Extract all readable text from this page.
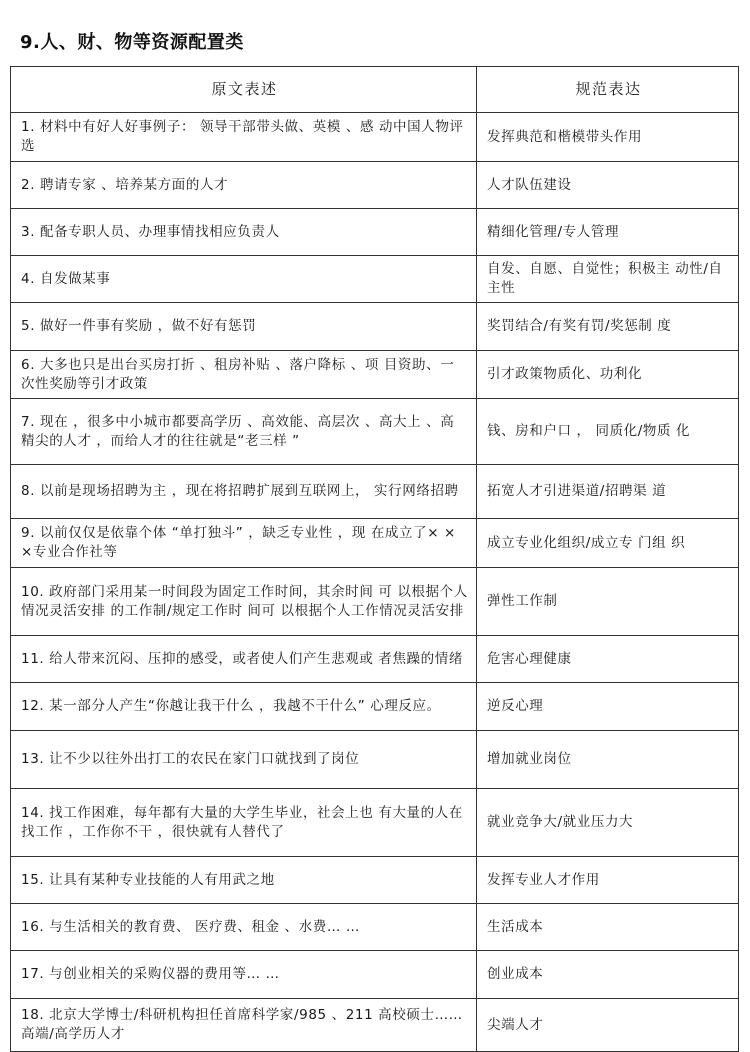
9.人、财、物等资源配置类
原文表述	规范表达
1. 材料中有好人好事例子： 领导干部带头做、英模 、感 动中国人物评选	发挥典范和楷模带头作用
2. 聘请专家 、培养某方面的人才	人才队伍建设
3. 配备专职人员、办理事情找相应负责人	精细化管理/专人管理
4. 自发做某事	自发、自愿、自觉性；积极主 动性/自主性
5. 做好一件事有奖励 ，做不好有惩罚	奖罚结合/有奖有罚/奖惩制 度
6. 大多也只是出台买房打折 、租房补贴 、落户降标 、项 目资助、一次性奖励等引才政策	引才政策物质化、功利化
7. 现在 ，很多中小城市都要高学历 、高效能、高层次 、高大上 、高精尖的人才 ，而给人才的往往就是“老三样 ”	钱、房和户口 ， 同质化/物质 化
8. 以前是现场招聘为主 ，现在将招聘扩展到互联网上， 实行网络招聘	拓宽人才引进渠道/招聘渠 道
9. 以前仅仅是依靠个体 “单打独斗” ，缺乏专业性 ，现 在成立了× × ×专业合作社等	成立专业化组织/成立专 门组 织
10. 政府部门采用某一时间段为固定工作时间，其余时间 可 以根据个人情况灵活安排 的工作制/规定工作时 间可 以根据个人工作情况灵活安排	弹性工作制
11. 给人带来沉闷、压抑的感受，或者使人们产生悲观或 者焦躁的情绪	危害心理健康
12. 某一部分人产生“你越让我干什么 ，我越不干什么” 心理反应。	逆反心理
13. 让不少以往外出打工的农民在家门口就找到了岗位	增加就业岗位
14. 找工作困难，每年都有大量的大学生毕业，社会上也 有大量的人在找工作 ，工作你不干 ，很快就有人替代了	就业竞争大/就业压力大
15. 让具有某种专业技能的人有用武之地	发挥专业人才作用
16. 与生活相关的教育费、 医疗费、租金 、水费… …	生活成本
17. 与创业相关的采购仪器的费用等… …	创业成本
18. 北京大学博士/科研机构担任首席科学家/985 、211 高校硕士……高端/高学历人才	尖端人才
